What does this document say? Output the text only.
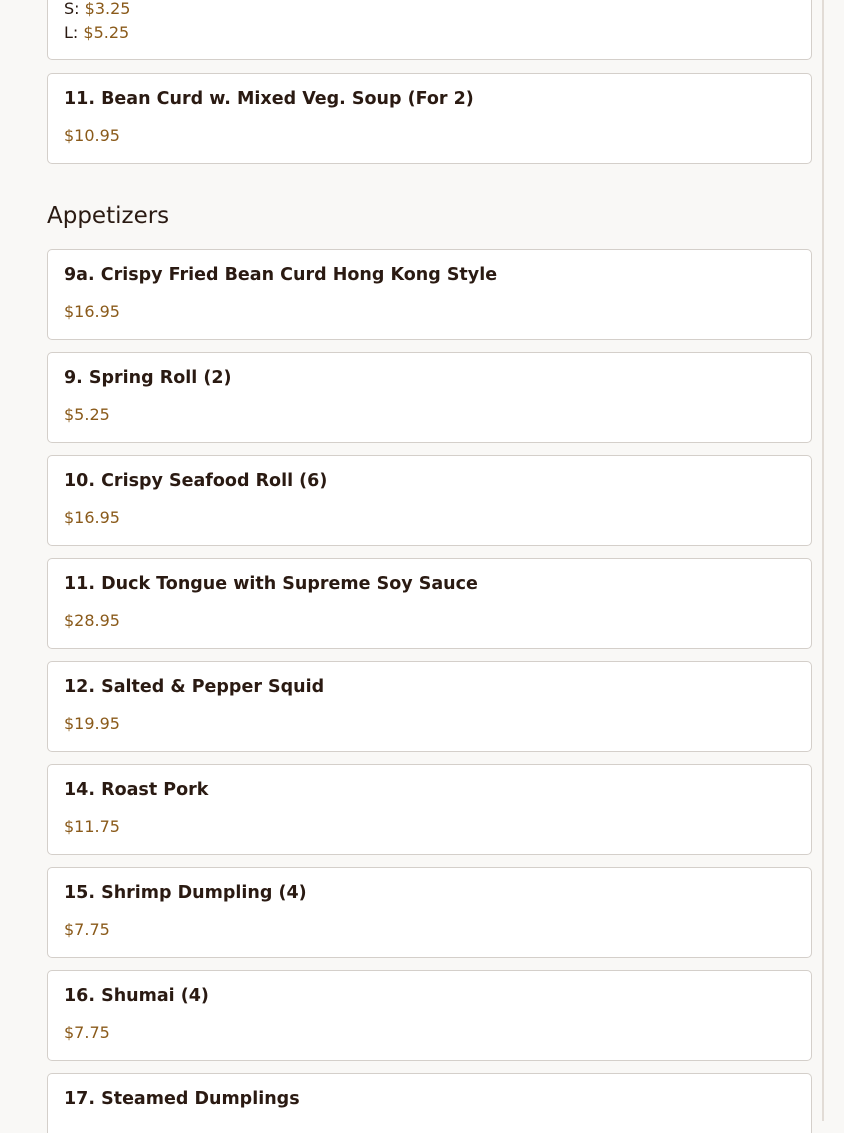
S: $3.25
L: $5.25
11. Bean Curd w. Mixed Veg. Soup (For 2)
$10.95
Appetizers
9a. Crispy Fried Bean Curd Hong Kong Style
$16.95
9. Spring Roll (2)
$5.25
10. Crispy Seafood Roll (6)
$16.95
11. Duck Tongue with Supreme Soy Sauce
$28.95
12. Salted & Pepper Squid
$19.95
14. Roast Pork
$11.75
15. Shrimp Dumpling (4)
$7.75
16. Shumai (4)
$7.75
17. Steamed Dumplings
